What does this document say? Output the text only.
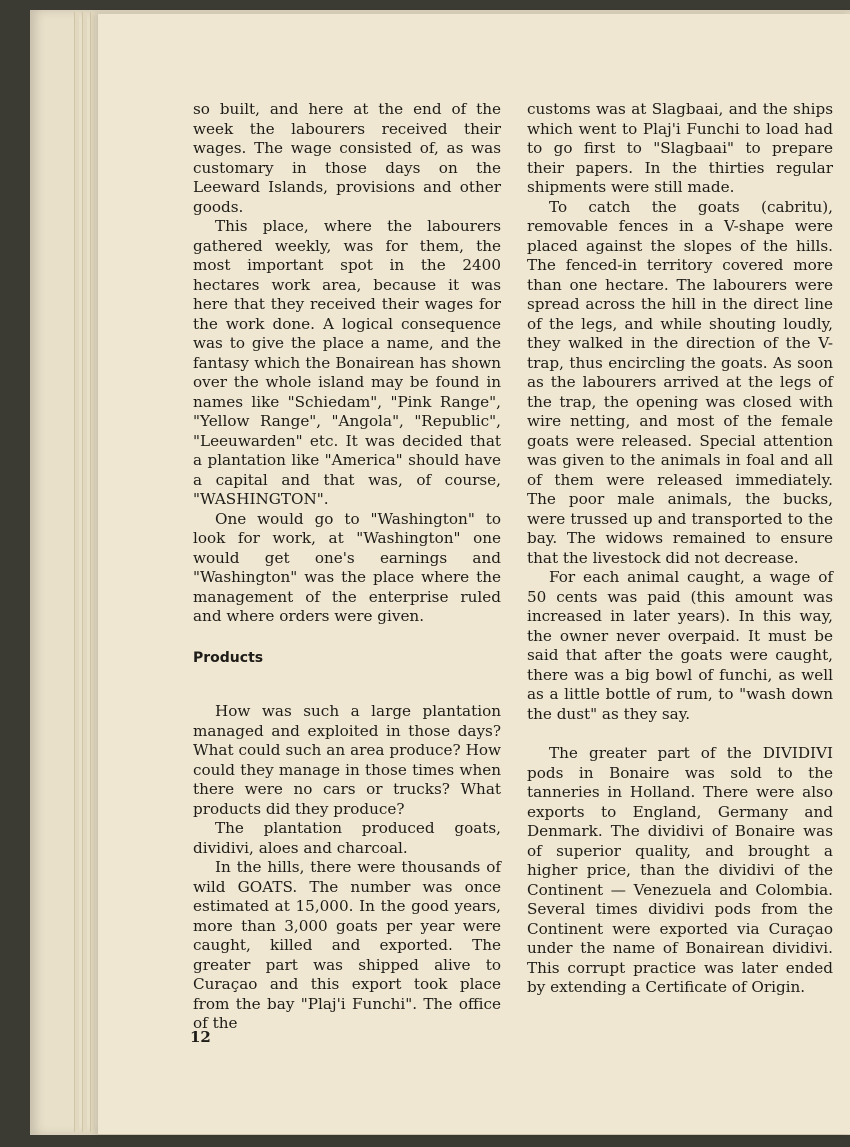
so built, and here at the end of the week the labourers received their wages. The wage consisted of, as was customary in those days on the Leeward Islands, provisions and other goods.

This place, where the labourers gathered weekly, was for them, the most important spot in the 2400 hectares work area, because it was here that they received their wages for the work done. A logical consequence was to give the place a name, and the fantasy which the Bonairean has shown over the whole island may be found in names like "Schiedam", "Pink Range", "Yellow Range", "Angola", "Republic", "Leeuwarden" etc. It was decided that a plantation like "America" should have a capital and that was, of course, "WASHINGTON".

One would go to "Washington" to look for work, at "Washington" one would get one's earnings and "Washington" was the place where the management of the enterprise ruled and where orders were given.

Products

How was such a large plantation managed and exploited in those days? What could such an area produce? How could they manage in those times when there were no cars or trucks? What products did they produce?

The plantation produced goats, dividivi, aloes and charcoal.

In the hills, there were thousands of wild GOATS. The number was once estimated at 15,000. In the good years, more than 3,000 goats per year were caught, killed and exported. The greater part was shipped alive to Curaçao and this export took place from the bay "Plaj'i Funchi". The office of the

customs was at Slagbaai, and the ships which went to Plaj'i Funchi to load had to go first to "Slagbaai" to prepare their papers. In the thirties regular shipments were still made.

To catch the goats (cabritu), removable fences in a V-shape were placed against the slopes of the hills. The fenced-in territory covered more than one hectare. The labourers were spread across the hill in the direct line of the legs, and while shouting loudly, they walked in the direction of the V-trap, thus encircling the goats. As soon as the labourers arrived at the legs of the trap, the opening was closed with wire netting, and most of the female goats were released. Special attention was given to the animals in foal and all of them were released immediately. The poor male animals, the bucks, were trussed up and transported to the bay. The widows remained to ensure that the livestock did not decrease.

For each animal caught, a wage of 50 cents was paid (this amount was increased in later years). In this way, the owner never overpaid. It must be said that after the goats were caught, there was a big bowl of funchi, as well as a little bottle of rum, to "wash down the dust" as they say.

The greater part of the DIVIDIVI pods in Bonaire was sold to the tanneries in Holland. There were also exports to England, Germany and Denmark. The dividivi of Bonaire was of superior quality, and brought a higher price, than the dividivi of the Continent — Venezuela and Colombia. Several times dividivi pods from the Continent were exported via Curaçao under the name of Bonairean dividivi. This corrupt practice was later ended by extending a Certificate of Origin.

12
